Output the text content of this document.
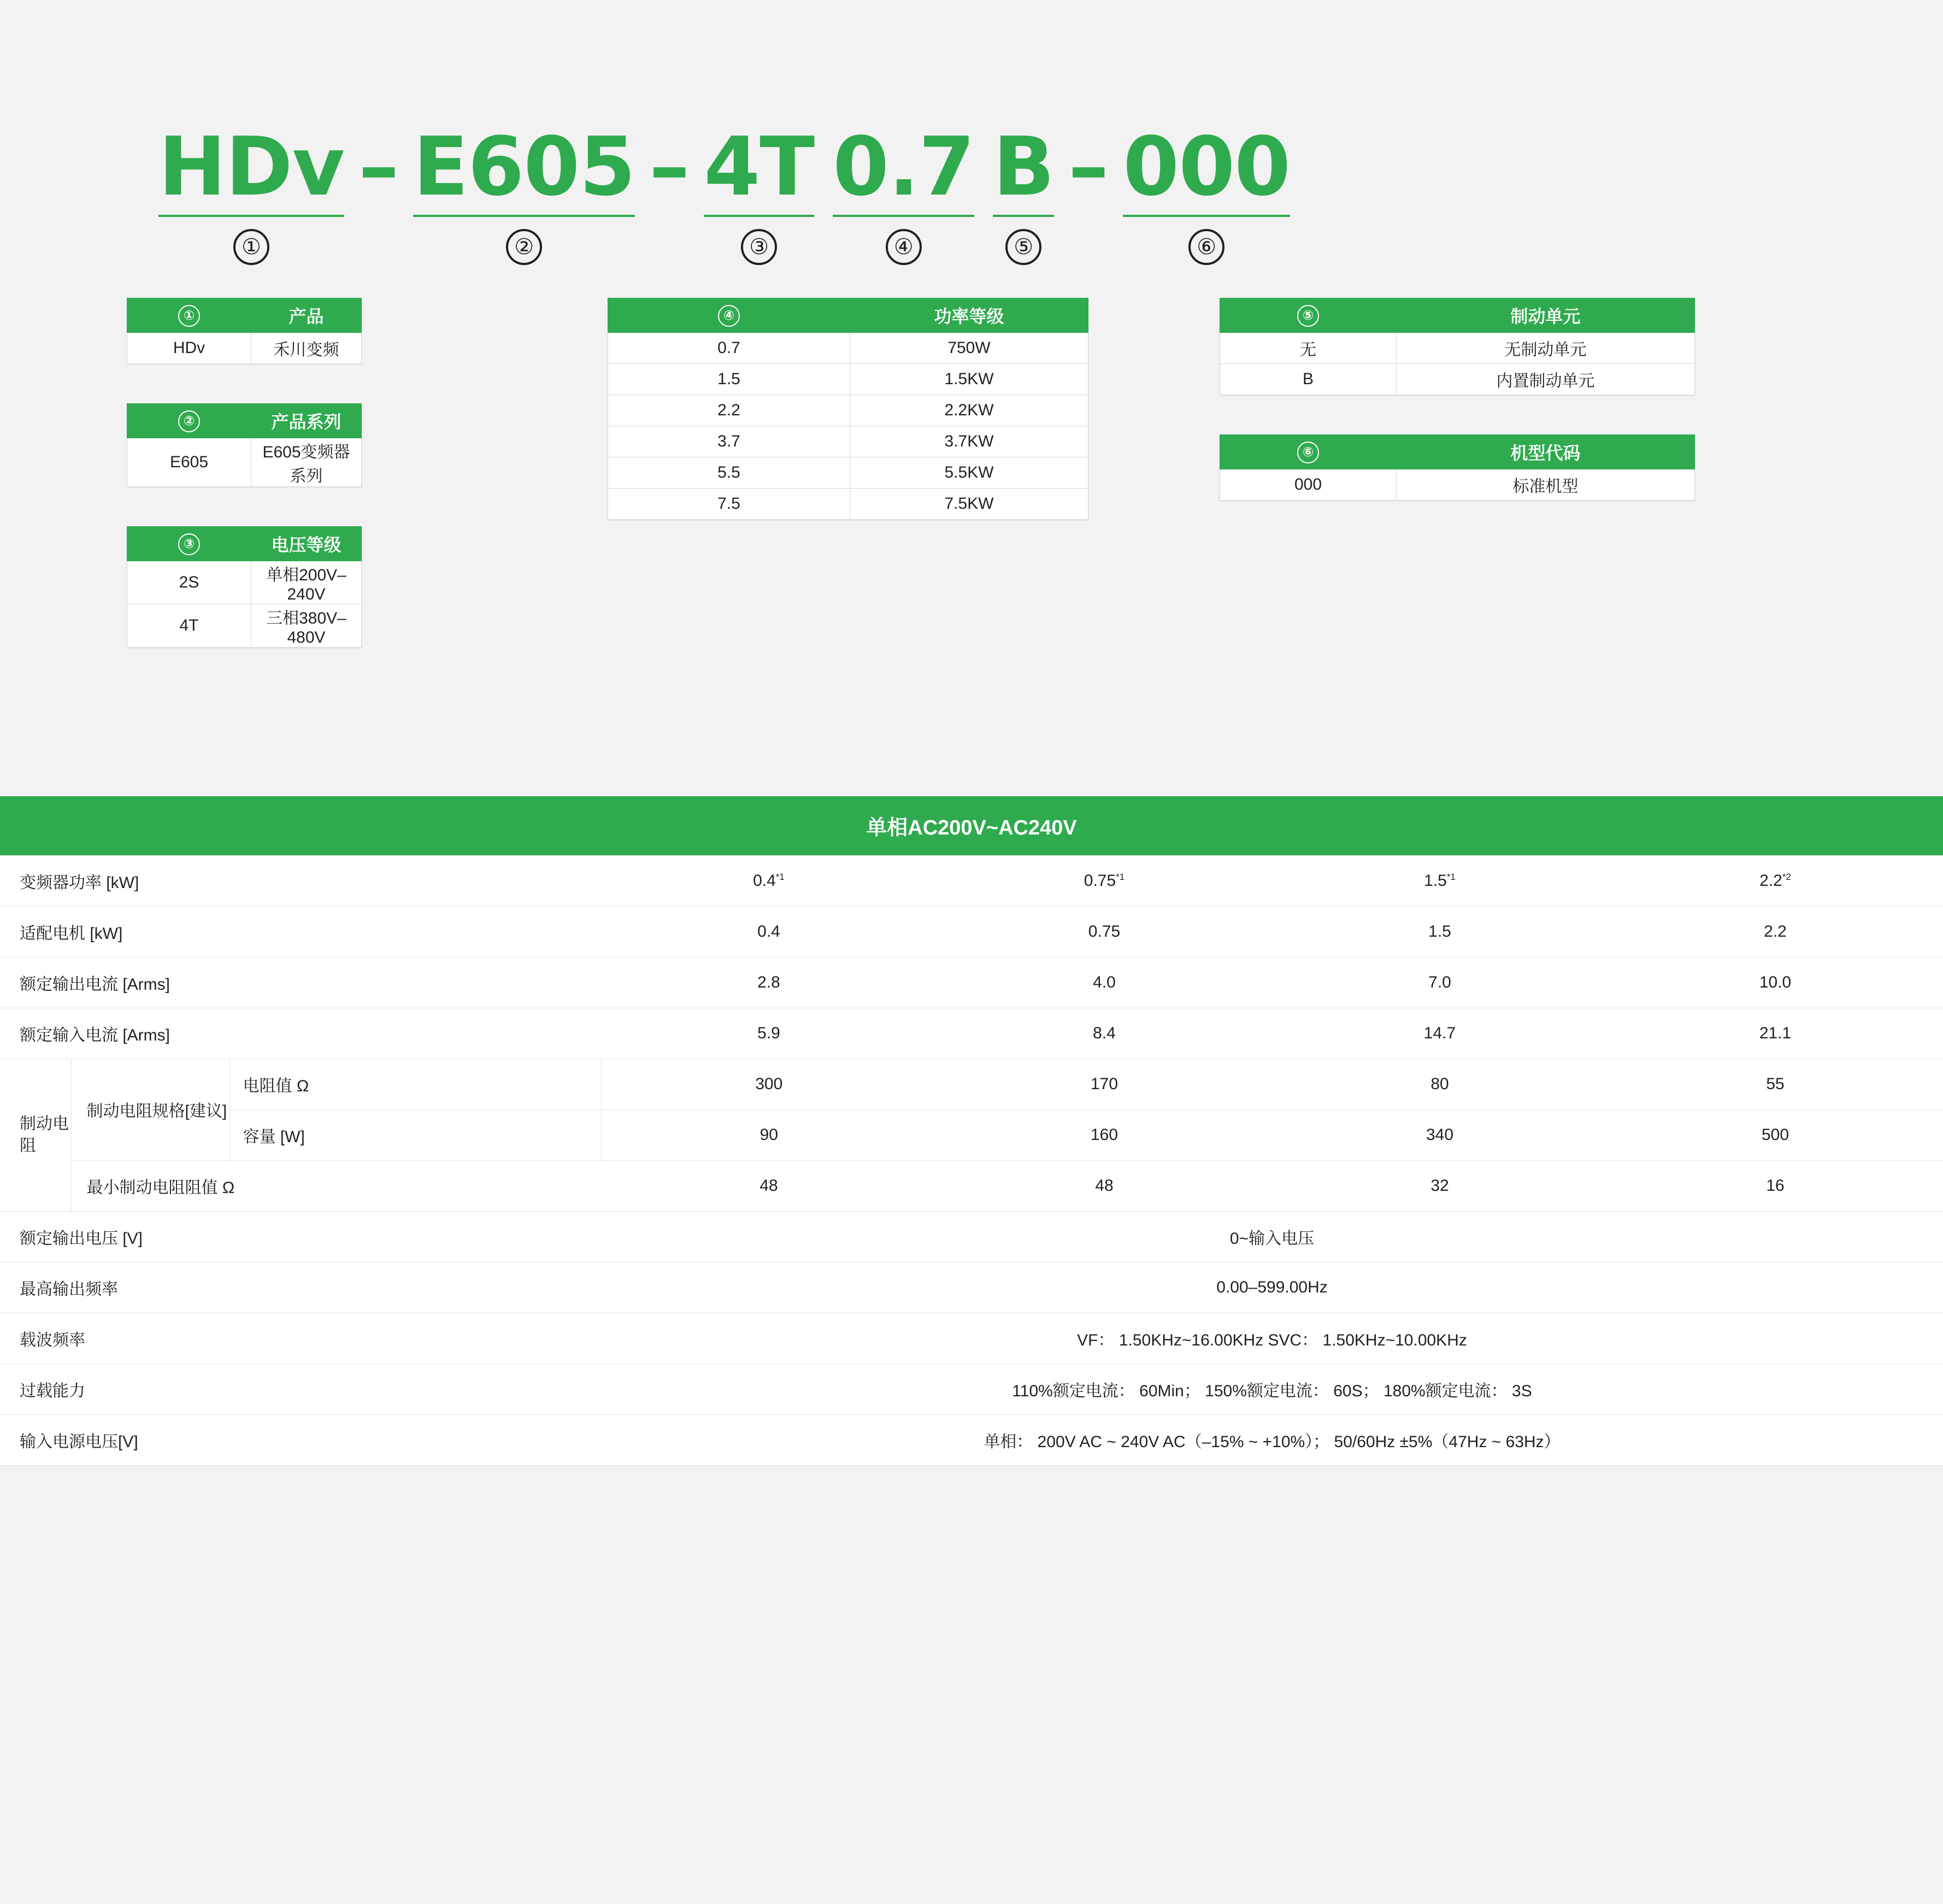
HDv
①
– E605
②
– 4T
③
0.7
④
B
⑤
– 000
⑥
①	产品
HDv	禾川变频
②	产品系列
E605	E605变频器系列
③	电压等级
2S	单相200V–240V
4T	三相380V–480V
④	功率等级
0.7	750W
1.5	1.5KW
2.2	2.2KW
3.7	3.7KW
5.5	5.5KW
7.5	7.5KW
⑤	制动单元
无	无制动单元
B	内置制动单元
⑥	机型代码
000	标准机型
单相AC200V~AC240V						
变频器功率 [kW]			0.4$^{*1}$	0.75$^{*1}$	1.5$^{*1}$	2.2$^{*2}$
适配电机 [kW]			0.4	0.75	1.5	2.2
额定输出电流 [Arms]			2.8	4.0	7.0	10.0
额定输入电流 [Arms]			5.9	8.4	14.7	21.1
制动电阻	制动电阻规格[建议]	电阻值 Ω	300	170	80	55
		容量 [W]	90	160	340	500
	最小制动电阻阻值 Ω		48	48	32	16
额定输出电压 [V]			0~输入电压			
最高输出频率			0.00–599.00Hz			
载波频率			VF： 1.50KHz~16.00KHz SVC： 1.50KHz~10.00KHz			
过载能力			110%额定电流： 60Min； 150%额定电流： 60S； 180%额定电流： 3S			
输入电源电压[V]			单相： 200V AC ~ 240V AC（–15% ~ +10%）； 50/60Hz ±5%（47Hz ~ 63Hz）			
